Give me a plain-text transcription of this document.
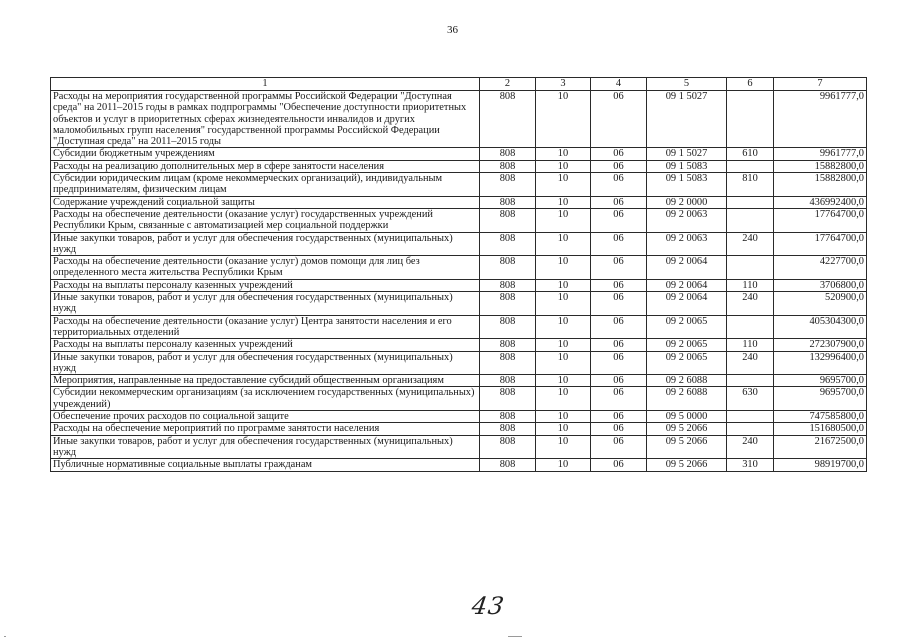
36
1	2	3	4	5	6	7
Расходы на мероприятия государственной программы Российской Федерации "Доступная среда" на 2011–2015 годы в рамках подпрограммы "Обеспечение доступности приоритетных объектов и услуг в приоритетных сферах жизнедеятельности инвалидов и других маломобильных групп населения" государственной программы Российской Федерации "Доступная среда" на 2011–2015 годы	808	10	06	09 1 5027		9961777,0
Субсидии бюджетным учреждениям	808	10	06	09 1 5027	610	9961777,0
Расходы на реализацию дополнительных мер в сфере занятости населения	808	10	06	09 1 5083		15882800,0
Субсидии юридическим лицам (кроме некоммерческих организаций), индивидуальным предпринимателям, физическим лицам	808	10	06	09 1 5083	810	15882800,0
Содержание учреждений социальной защиты	808	10	06	09 2 0000		436992400,0
Расходы на обеспечение деятельности (оказание услуг) государственных учреждений Республики Крым, связанные с автоматизацией мер социальной поддержки	808	10	06	09 2 0063		17764700,0
Иные закупки товаров, работ и услуг для обеспечения государственных (муниципальных) нужд	808	10	06	09 2 0063	240	17764700,0
Расходы на обеспечение деятельности (оказание услуг) домов помощи для лиц без определенного места жительства Республики Крым	808	10	06	09 2 0064		4227700,0
Расходы на выплаты персоналу казенных учреждений	808	10	06	09 2 0064	110	3706800,0
Иные закупки товаров, работ и услуг для обеспечения государственных (муниципальных) нужд	808	10	06	09 2 0064	240	520900,0
Расходы на обеспечение деятельности (оказание услуг) Центра занятости населения и его территориальных отделений	808	10	06	09 2 0065		405304300,0
Расходы на выплаты персоналу казенных учреждений	808	10	06	09 2 0065	110	272307900,0
Иные закупки товаров, работ и услуг для обеспечения государственных (муниципальных) нужд	808	10	06	09 2 0065	240	132996400,0
Мероприятия, направленные на предоставление субсидий общественным организациям	808	10	06	09 2 6088		9695700,0
Субсидии некоммерческим организациям (за исключением государственных (муниципальных) учреждений)	808	10	06	09 2 6088	630	9695700,0
Обеспечение прочих расходов по социальной защите	808	10	06	09 5 0000		747585800,0
Расходы на обеспечение мероприятий по программе занятости населения	808	10	06	09 5 2066		151680500,0
Иные закупки товаров, работ и услуг для обеспечения государственных (муниципальных) нужд	808	10	06	09 5 2066	240	21672500,0
Публичные нормативные социальные выплаты гражданам	808	10	06	09 5 2066	310	98919700,0
43
